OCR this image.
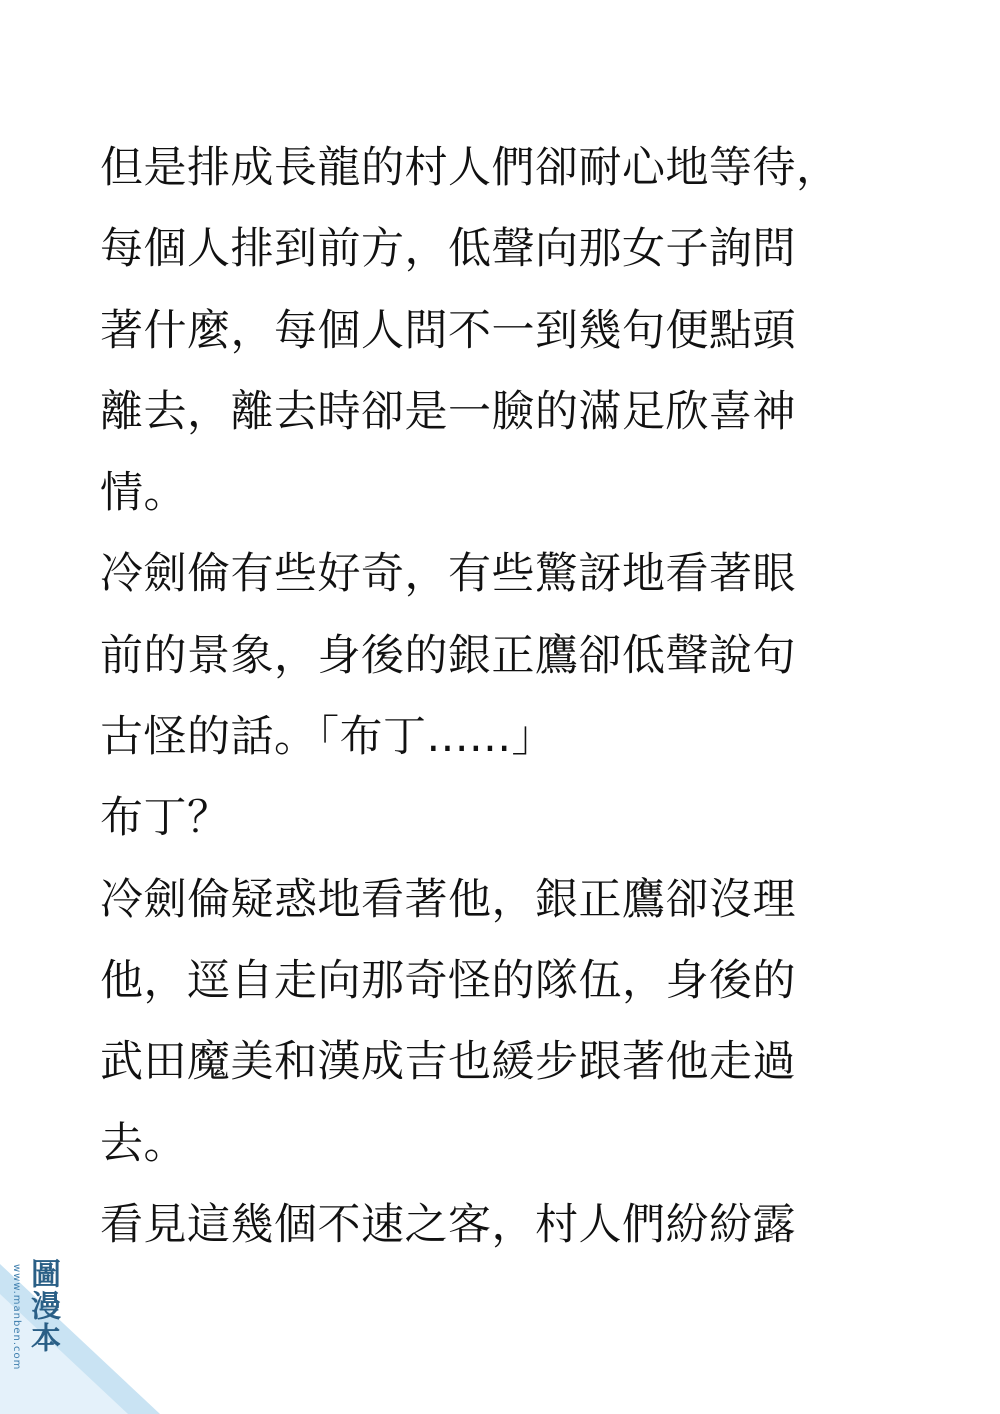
但是排成長龍的村人們卻耐心地等待，
每個人排到前方，低聲向那女子詢問
著什麼，每個人問不一到幾句便點頭
離去，離去時卻是一臉的滿足欣喜神
情。
冷劍倫有些好奇，有些驚訝地看著眼
前的景象，身後的銀正鷹卻低聲說句
古怪的話。「布丁......」
布丁？
冷劍倫疑惑地看著他，銀正鷹卻沒理
他，逕自走向那奇怪的隊伍，身後的
武田魔美和漢成吉也緩步跟著他走過
去。
看見這幾個不速之客，村人們紛紛露
www.manben.com 圖漫本
